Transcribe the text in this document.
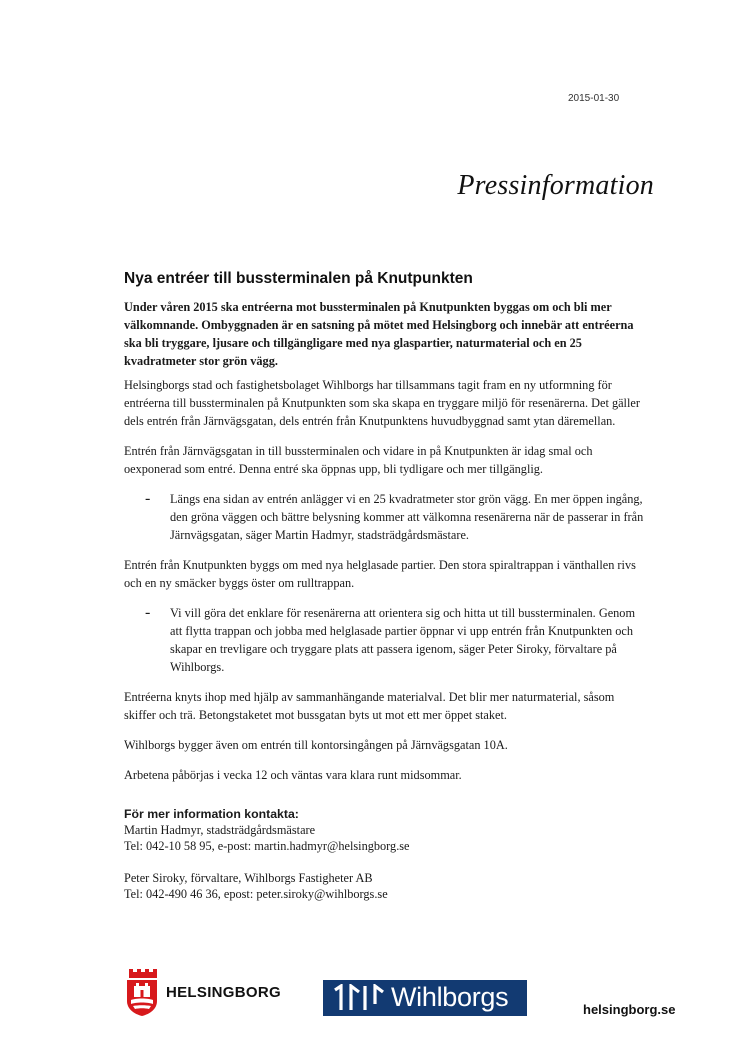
2015-01-30
Pressinformation
Nya entréer till bussterminalen på Knutpunkten

Under våren 2015 ska entréerna mot bussterminalen på Knutpunkten byggas om och bli mer välkomnande. Ombyggnaden är en satsning på mötet med Helsingborg och innebär att entréerna ska bli tryggare, ljusare och tillgängligare med nya glaspartier, naturmaterial och en 25 kvadratmeter stor grön vägg.

Helsingborgs stad och fastighetsbolaget Wihlborgs har tillsammans tagit fram en ny utformning för entréerna till bussterminalen på Knutpunkten som ska skapa en tryggare miljö för resenärerna. Det gäller dels entrén från Järnvägsgatan, dels entrén från Knutpunktens huvudbyggnad samt ytan däremellan.

Entrén från Järnvägsgatan in till bussterminalen och vidare in på Knutpunkten är idag smal och oexponerad som entré. Denna entré ska öppnas upp, bli tydligare och mer tillgänglig.

- Längs ena sidan av entrén anlägger vi en 25 kvadratmeter stor grön vägg. En mer öppen ingång, den gröna väggen och bättre belysning kommer att välkomna resenärerna när de passerar in från Järnvägsgatan, säger Martin Hadmyr, stadsträdgårdsmästare.

Entrén från Knutpunkten byggs om med nya helglasade partier. Den stora spiraltrappan i vänthallen rivs och en ny smäcker byggs öster om rulltrappan.

- Vi vill göra det enklare för resenärerna att orientera sig och hitta ut till bussterminalen. Genom att flytta trappan och jobba med helglasade partier öppnar vi upp entrén från Knutpunkten och skapar en trevligare och tryggare plats att passera igenom, säger Peter Siroky, förvaltare på Wihlborgs.

Entréerna knyts ihop med hjälp av sammanhängande materialval. Det blir mer naturmaterial, såsom skiffer och trä. Betongstaketet mot bussgatan byts ut mot ett mer öppet staket.

Wihlborgs bygger även om entrén till kontorsingången på Järnvägsgatan 10A.

Arbetena påbörjas i vecka 12 och väntas vara klara runt midsommar.

För mer information kontakta:

Martin Hadmyr, stadsträdgårdsmästare

Tel: 042-10 58 95, e-post: martin.hadmyr@helsingborg.se

Peter Siroky, förvaltare, Wihlborgs Fastigheter AB

Tel: 042-490 46 36, epost: peter.siroky@wihlborgs.se

HELSINGBORG	Wihlborgs	helsingborg.se
